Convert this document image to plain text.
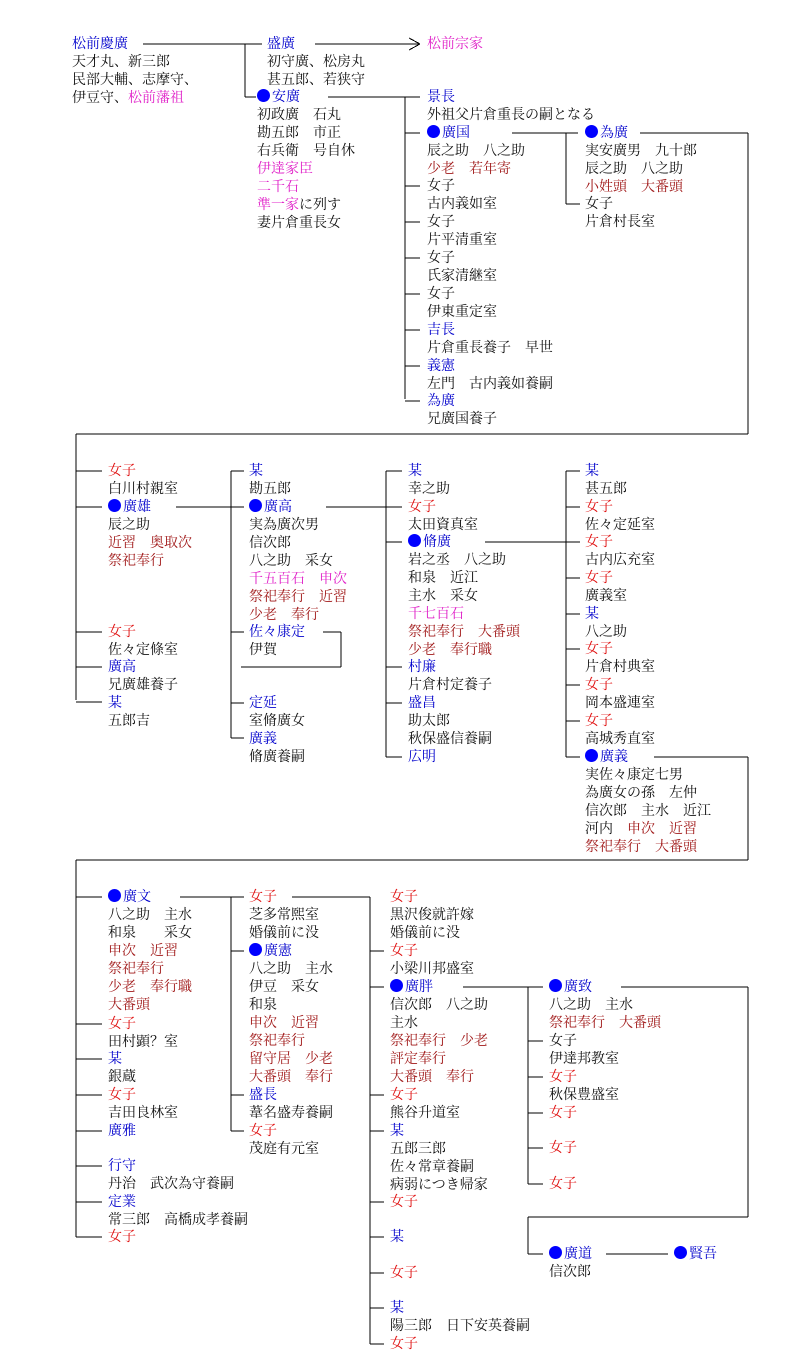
松前慶廣
天才丸、新三郎
民部大輔、志摩守、
伊豆守、松前藩祖
盛廣
初守廣、松房丸
甚五郎、若狭守
松前宗家
安廣
初政廣　石丸
勘五郎　市正
右兵衛　号自休
伊達家臣
二千石
準一家に列す
妻片倉重長女
景長
外祖父片倉重長の嗣となる
廣国
辰之助　八之助
少老　若年寄
女子
古内義如室
女子
片平清重室
女子
氏家清継室
女子
伊東重定室
吉長
片倉重長養子　早世
義憲
左門　古内義如養嗣
為廣
兄廣国養子
為廣
実安廣男　九十郎
辰之助　八之助
小姓頭　大番頭
女子
片倉村長室
女子
白川村親室
廣雄
辰之助
近習　奥取次
祭祀奉行
女子
佐々定條室
廣高
兄廣雄養子
某
五郎吉
某
勘五郎
廣高
実為廣次男
信次郎
八之助　采女
千五百石　申次
祭祀奉行　近習
少老　奉行
佐々康定
伊賀
定延
室脩廣女
廣義
脩廣養嗣
某
幸之助
女子
太田資真室
脩廣
岩之丞　八之助
和泉　近江
主水　采女
千七百石
祭祀奉行　大番頭
少老　奉行職
村廉
片倉村定養子
盛昌
助太郎
秋保盛信養嗣
広明
某
甚五郎
女子
佐々定延室
女子
古内広充室
女子
廣義室
某
八之助
女子
片倉村典室
女子
岡本盛連室
女子
高城秀直室
廣義
実佐々康定七男
為廣女の孫　左仲
信次郎　主水　近江
河内　申次　近習
祭祀奉行　大番頭
廣文
八之助　主水
和泉　　采女
申次　近習
祭祀奉行
少老　奉行職
大番頭
女子
田村顕？室
某
銀蔵
女子
吉田良林室
廣雅
行守
丹治　武次為守養嗣
定業
常三郎　高橋成孝養嗣
女子
女子
芝多常煕室
婚儀前に没
廣憲
八之助　主水
伊豆　采女
和泉
申次　近習
祭祀奉行
留守居　少老
大番頭　奉行
盛長
葦名盛寿養嗣
女子
茂庭有元室
女子
黒沢俊就許嫁
婚儀前に没
女子
小梁川邦盛室
廣胖
信次郎　八之助
主水
祭祀奉行　少老
評定奉行
大番頭　奉行
女子
熊谷升道室
某
五郎三郎
佐々常章養嗣
病弱につき帰家
女子
某
女子
某
陽三郎　日下安英養嗣
女子
廣致
八之助　主水
祭祀奉行　大番頭
女子
伊達邦教室
女子
秋保豊盛室
女子
女子
女子
廣道
信次郎
賢吾
